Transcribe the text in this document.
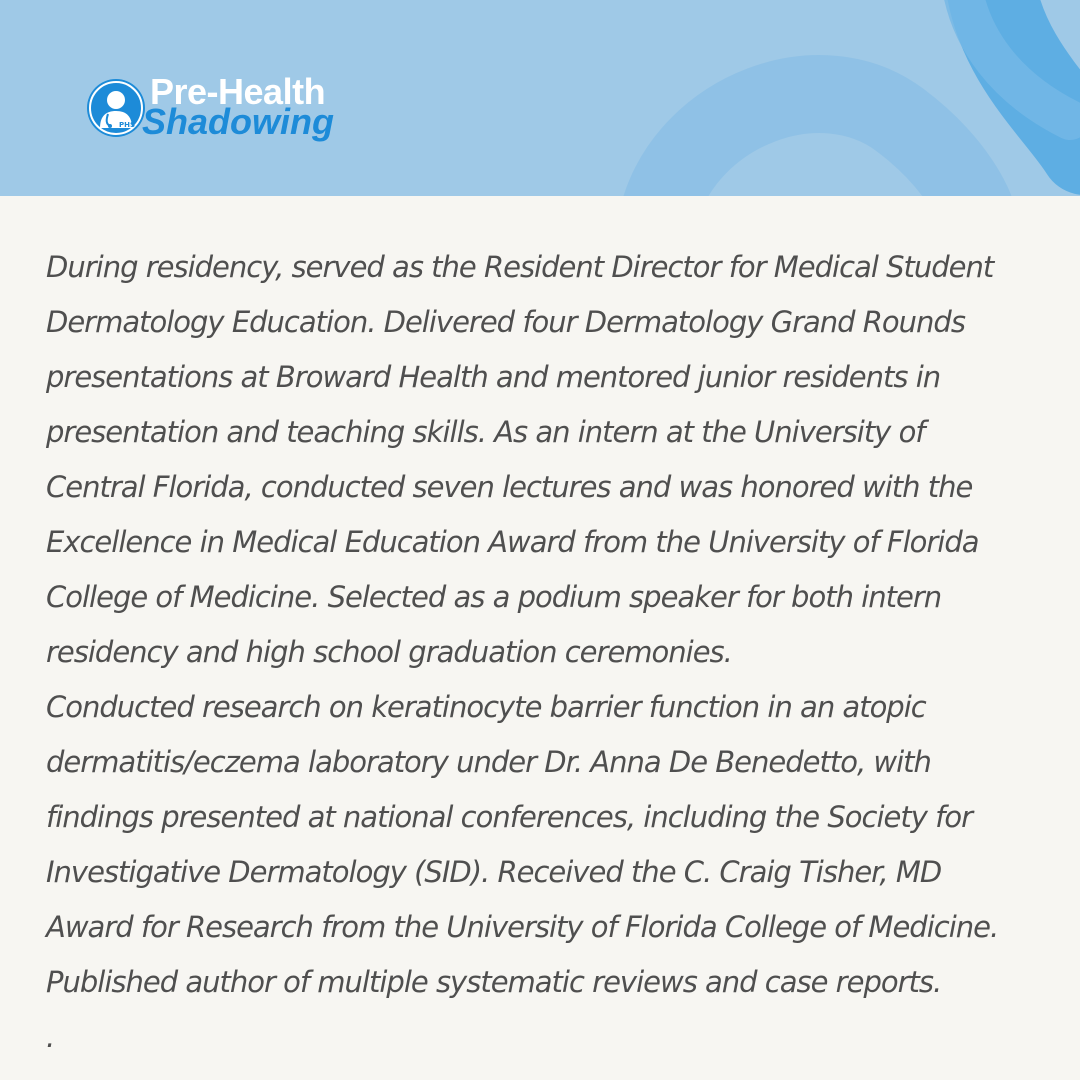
PHS
Pre-Health
Shadowing
During residency, served as the Resident Director for Medical Student
Dermatology Education. Delivered four Dermatology Grand Rounds
presentations at Broward Health and mentored junior residents in
presentation and teaching skills. As an intern at the University of
Central Florida, conducted seven lectures and was honored with the
Excellence in Medical Education Award from the University of Florida
College of Medicine. Selected as a podium speaker for both intern
residency and high school graduation ceremonies.
Conducted research on keratinocyte barrier function in an atopic
dermatitis/eczema laboratory under Dr. Anna De Benedetto, with
findings presented at national conferences, including the Society for
Investigative Dermatology (SID). Received the C. Craig Tisher, MD
Award for Research from the University of Florida College of Medicine.
Published author of multiple systematic reviews and case reports.
.
